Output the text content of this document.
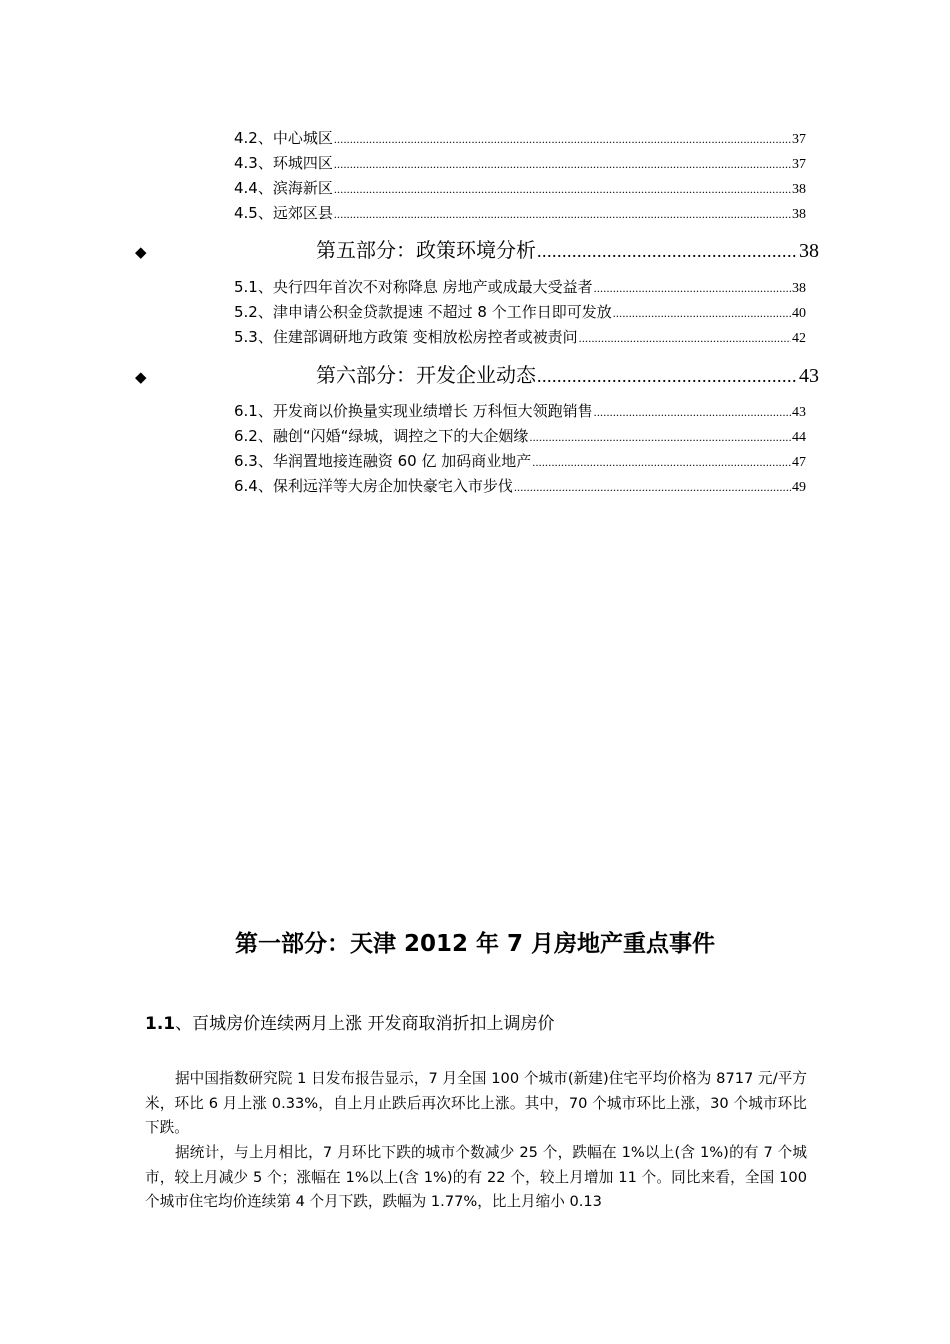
4.2、中心城区 .....	37
4.3、环城四区 .....	37
4.4、滨海新区 .....	38
4.5、远郊区县 .....	38
◆	第五部分：政策环境分析 .....	38
5.1、央行四年首次不对称降息 房地产或成最大受益者 .....	38
5.2、津申请公积金贷款提速 不超过 8 个工作日即可发放 .....	40
5.3、住建部调研地方政策 变相放松房控者或被责问 .....	42
◆	第六部分：开发企业动态 .....	43
6.1、开发商以价换量实现业绩增长 万科恒大领跑销售 .....	43
6.2、融创“闪婚“绿城，调控之下的大企姻缘 .....	44
6.3、华润置地接连融资 60 亿 加码商业地产 .....	47
6.4、保利远洋等大房企加快豪宅入市步伐 .....	49
第一部分：天津 2012 年 7 月房地产重点事件
1.1、百城房价连续两月上涨 开发商取消折扣上调房价

据中国指数研究院 1 日发布报告显示，7 月全国 100 个城市(新建)住宅平均价格为 8717 元/平方米，环比 6 月上涨 0.33%，自上月止跌后再次环比上涨。其中，70 个城市环比上涨，30 个城市环比下跌。

据统计，与上月相比，7 月环比下跌的城市个数减少 25 个，跌幅在 1%以上(含 1%)的有 7 个城市，较上月减少 5 个；涨幅在 1%以上(含 1%)的有 22 个，较上月增加 11 个。同比来看，全国 100 个城市住宅均价连续第 4 个月下跌，跌幅为 1.77%，比上月缩小 0.13
